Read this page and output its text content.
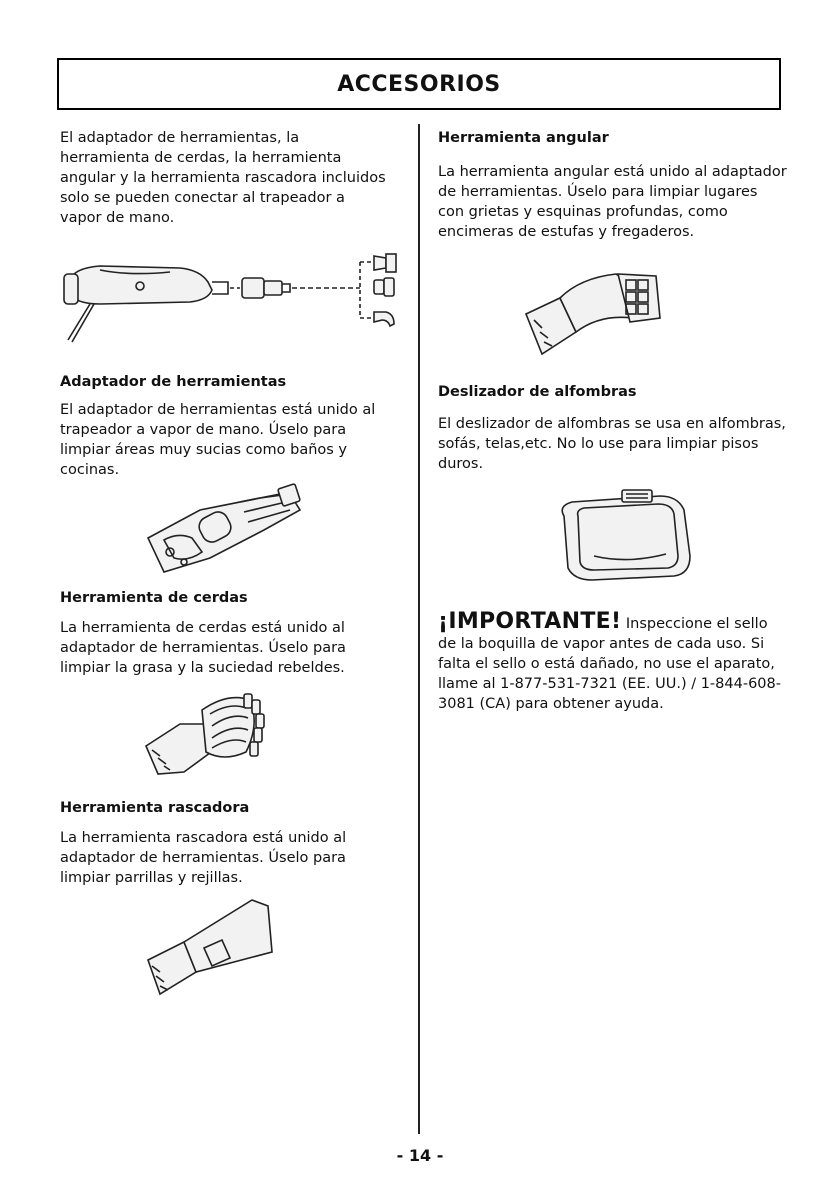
ACCESORIOS

El adaptador de herramientas, la herramienta de cerdas, la herramienta angular y la herramienta rascadora incluidos solo se pueden conectar al trapeador a vapor de mano.

Adaptador de herramientas

El adaptador de herramientas está unido al trapeador a vapor de mano. Úselo para limpiar áreas muy sucias como baños y cocinas.

Herramienta de cerdas

La herramienta de cerdas está unido al adaptador de herramientas. Úselo para limpiar la grasa y la suciedad rebeldes.

Herramienta rascadora

La herramienta rascadora está unido al adaptador de herramientas. Úselo para limpiar parrillas y rejillas.

Herramienta angular

La herramienta angular está unido al adaptador de herramientas. Úselo para limpiar lugares con grietas y esquinas profundas, como encimeras de estufas y fregaderos.

Deslizador de alfombras

El deslizador de alfombras se usa en alfombras, sofás, telas,etc. No lo use para limpiar pisos duros.

¡IMPORTANTE! Inspeccione el sello de la boquilla de vapor antes de cada uso. Si falta el sello o está dañado, no use el aparato, llame al 1-877-531-7321 (EE. UU.) / 1-844-608-3081 (CA) para obtener ayuda.

- 14 -
